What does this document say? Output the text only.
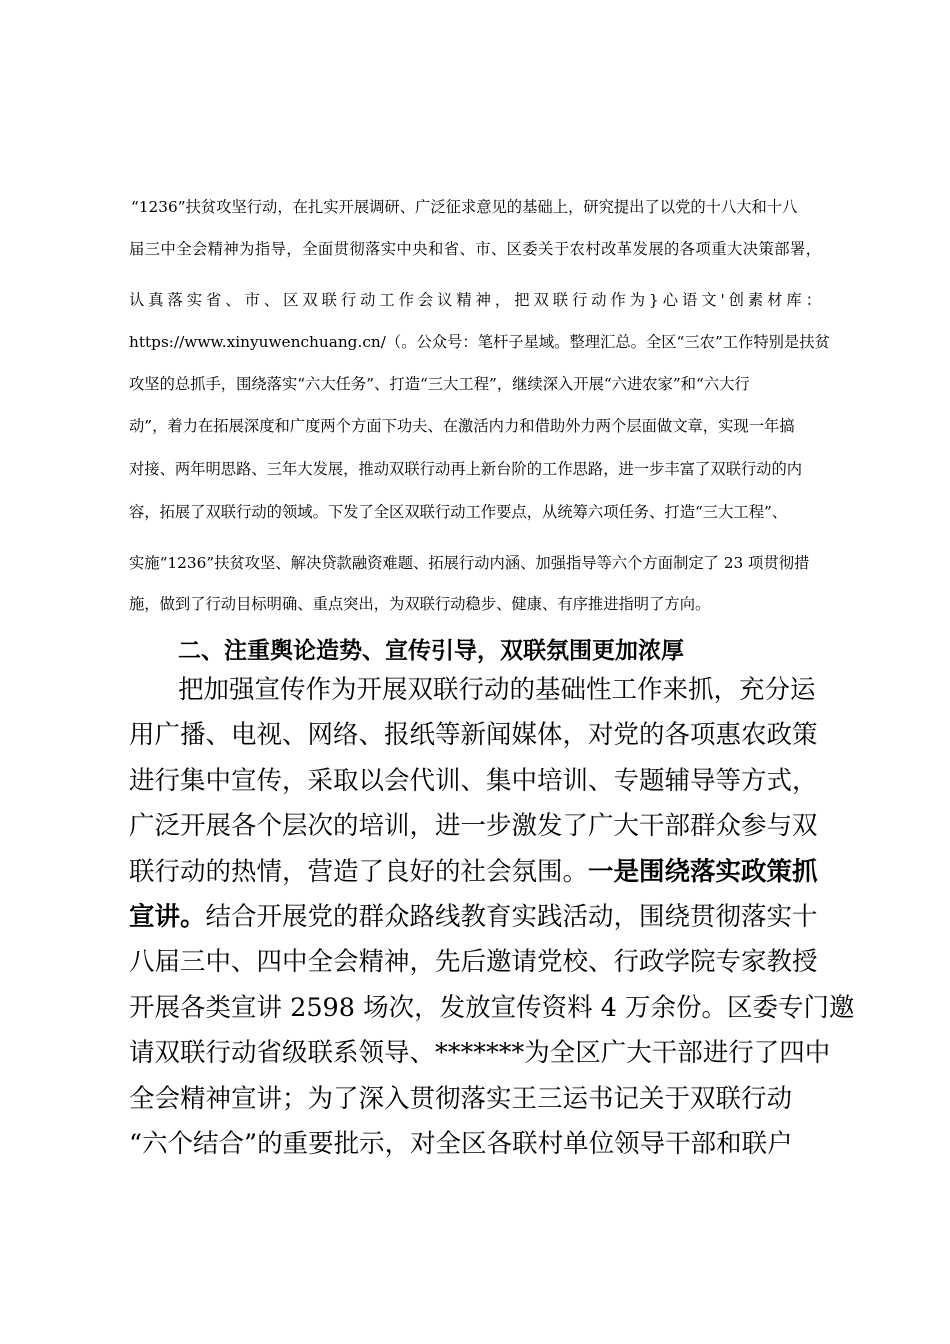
“1236”扶贫攻坚行动，在扎实开展调研、广泛征求意见的基础上，研究提出了以党的十八大和十八
届三中全会精神为指导，全面贯彻落实中央和省、市、区委关于农村改革发展的各项重大决策部署，
认真落实省、市、区双联行动工作会议精神，把双联行动作为}心语文'创素材库：
https://www.xinyuwenchuang.cn/（。公众号：笔杆子星域。整理汇总。全区“三农”工作特别是扶贫
攻坚的总抓手，围绕落实“六大任务”、打造“三大工程”，继续深入开展“六进农家”和“六大行
动”，着力在拓展深度和广度两个方面下功夫、在激活内力和借助外力两个层面做文章，实现一年搞
对接、两年明思路、三年大发展，推动双联行动再上新台阶的工作思路，进一步丰富了双联行动的内
容，拓展了双联行动的领域。下发了全区双联行动工作要点，从统筹六项任务、打造“三大工程”、
实施“1236”扶贫攻坚、解决贷款融资难题、拓展行动内涵、加强指导等六个方面制定了 23 项贯彻措
施，做到了行动目标明确、重点突出，为双联行动稳步、健康、有序推进指明了方向。
二、注重舆论造势、宣传引导，双联氛围更加浓厚
把加强宣传作为开展双联行动的基础性工作来抓，充分运
用广播、电视、网络、报纸等新闻媒体，对党的各项惠农政策
进行集中宣传，采取以会代训、集中培训、专题辅导等方式，
广泛开展各个层次的培训，进一步激发了广大干部群众参与双
联行动的热情，营造了良好的社会氛围。一是围绕落实政策抓
宣讲。结合开展党的群众路线教育实践活动，围绕贯彻落实十
八届三中、四中全会精神，先后邀请党校、行政学院专家教授
开展各类宣讲 2598 场次，发放宣传资料 4 万余份。区委专门邀
请双联行动省级联系领导、*******为全区广大干部进行了四中
全会精神宣讲；为了深入贯彻落实王三运书记关于双联行动
“六个结合”的重要批示，对全区各联村单位领导干部和联户
